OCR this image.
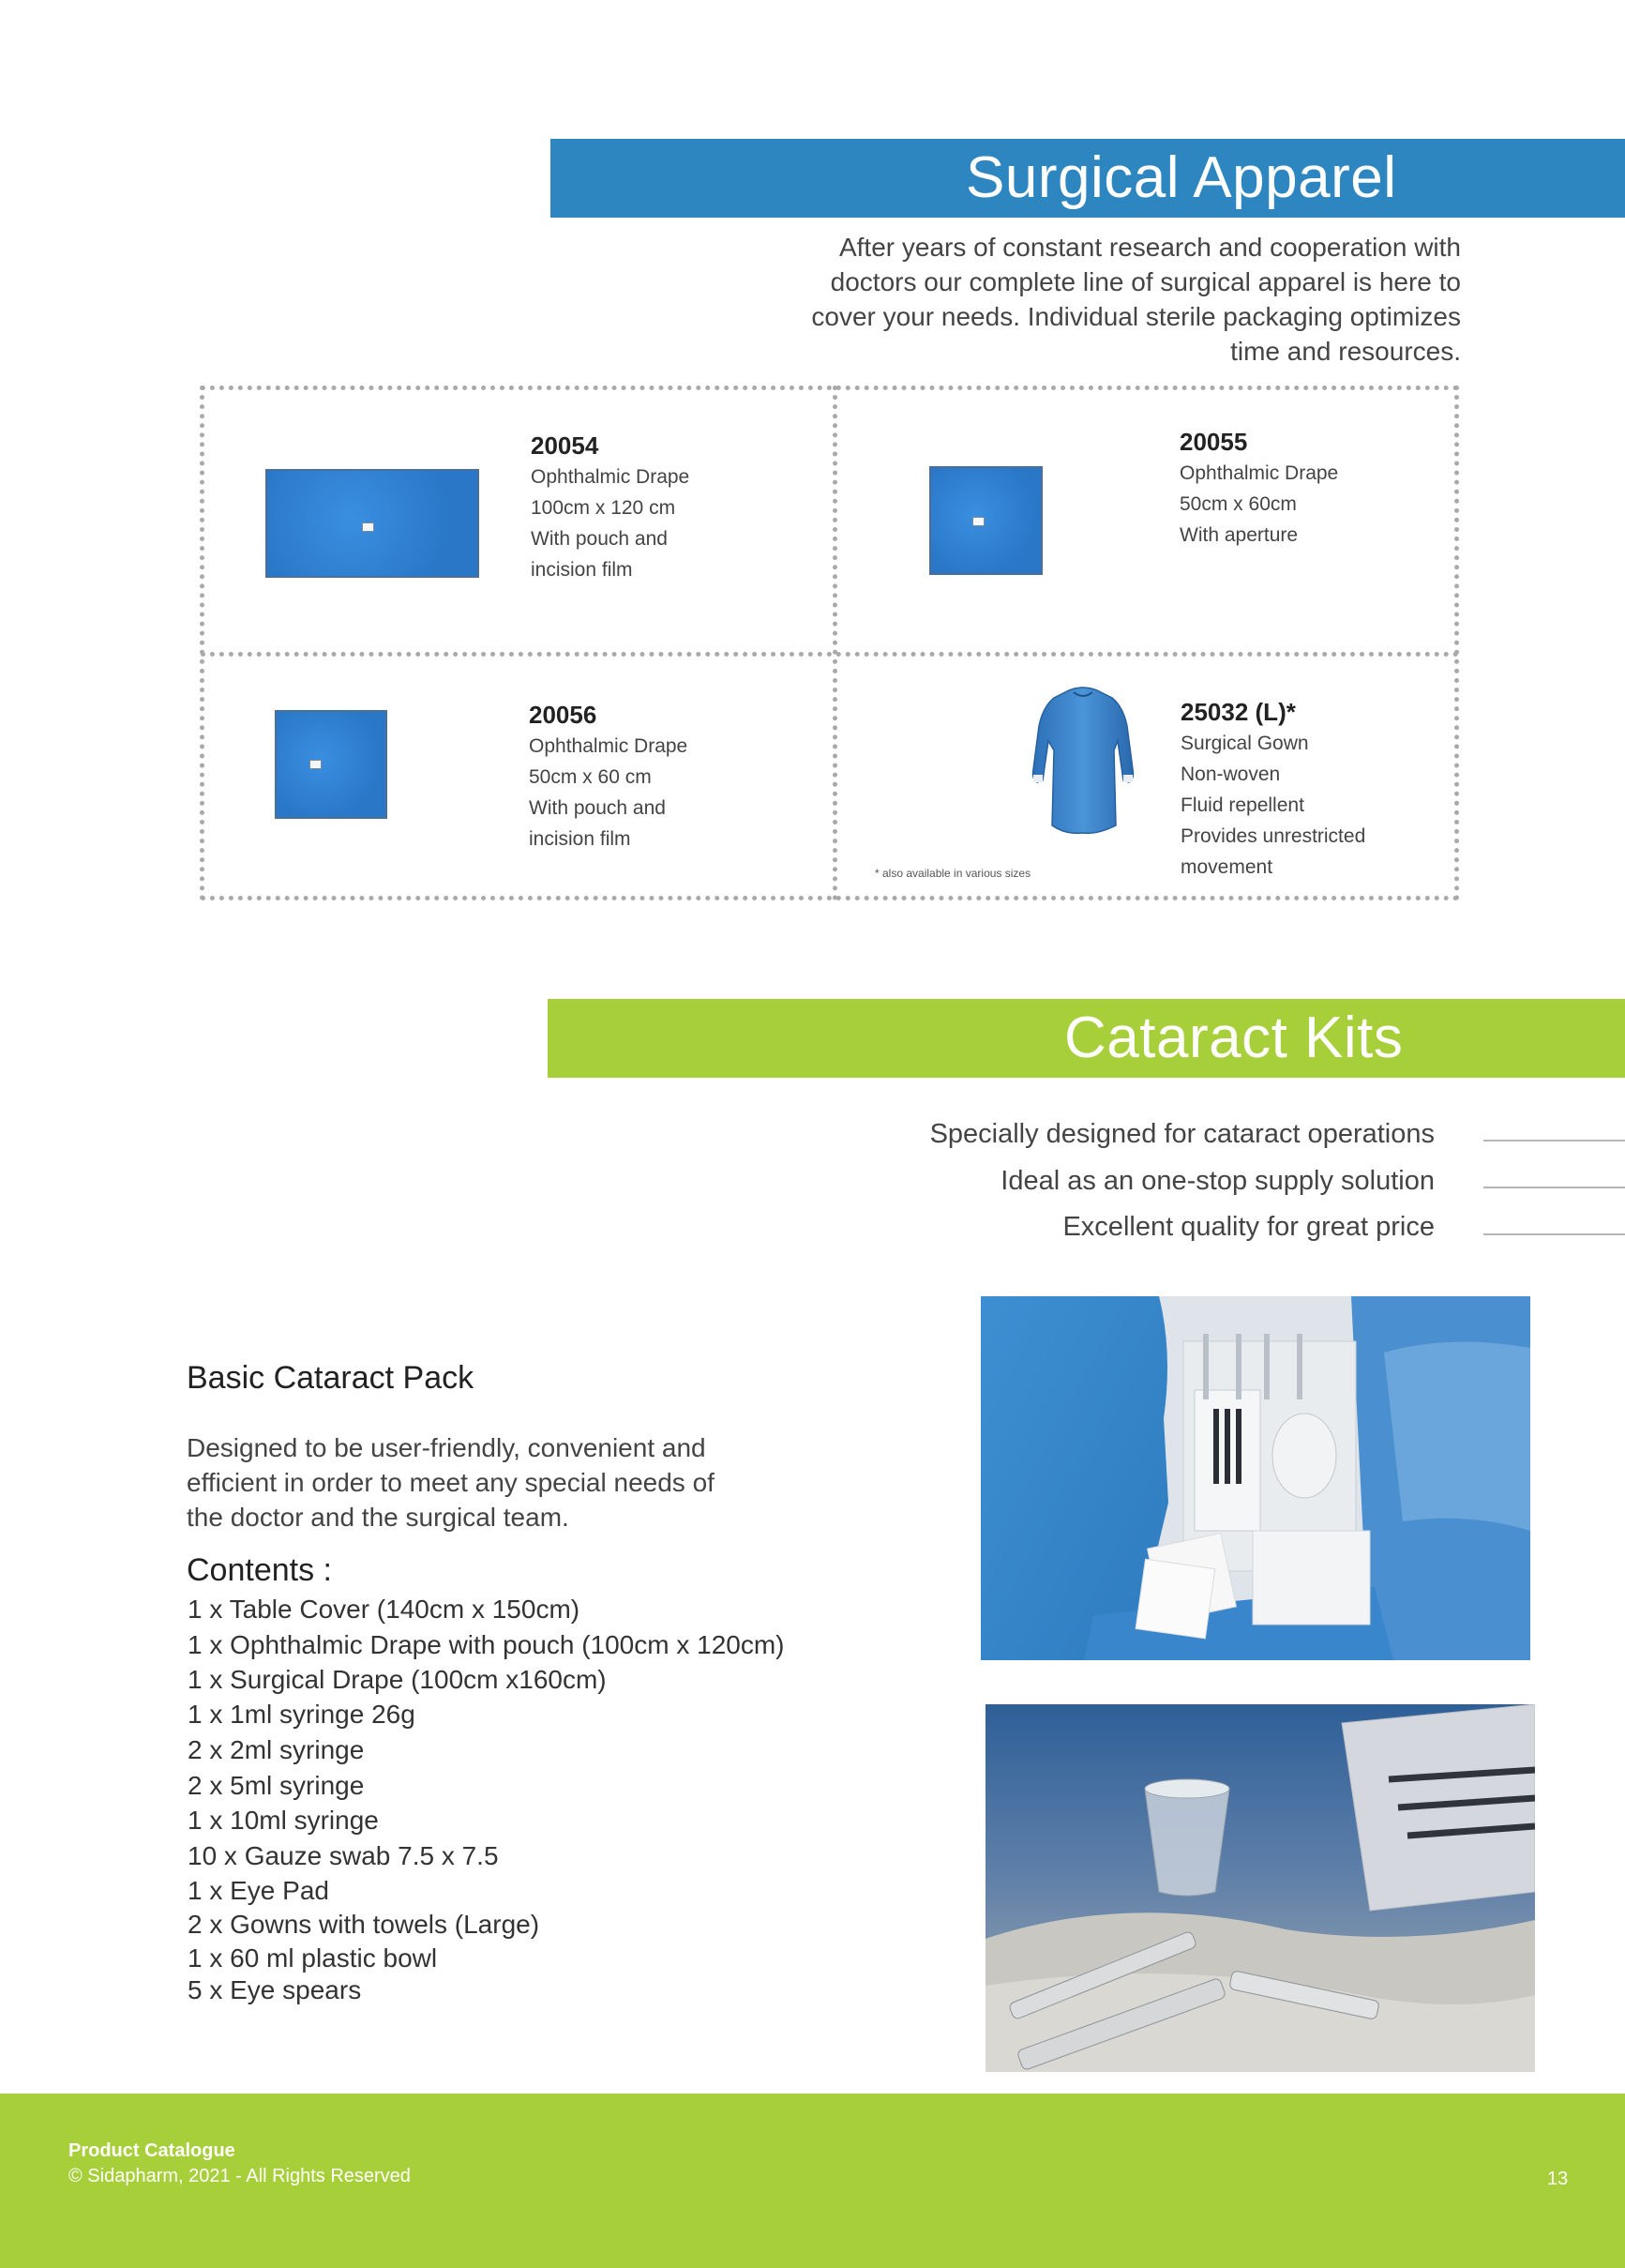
Surgical Apparel
After years of constant research and cooperation with
doctors our complete line of surgical apparel is here to
cover your needs. Individual sterile packaging optimizes
time and resources.
20054
Ophthalmic Drape
100cm x 120 cm
With pouch and
incision film
20055
Ophthalmic Drape
50cm x 60cm
With aperture
20056
Ophthalmic Drape
50cm x 60 cm
With pouch and
incision film
* also available in various sizes
25032 (L)*
Surgical Gown
Non-woven
Fluid repellent
Provides unrestricted
movement
Cataract Kits
Specially designed for cataract operations
Ideal as an one-stop supply solution
Excellent quality for great price
Basic Cataract Pack
Designed to be user-friendly, convenient and
efficient in order to meet any special needs of
the doctor and the surgical team.
Contents :
1 x Table Cover (140cm x 150cm)
1 x Ophthalmic Drape with pouch (100cm x 120cm)
1 x Surgical Drape (100cm x160cm)
1 x 1ml syringe 26g
2 x 2ml syringe
2 x 5ml syringe
1 x 10ml syringe
10 x Gauze swab 7.5 x 7.5
1 x Eye Pad
2 x Gowns with towels (Large)
1 x 60 ml plastic bowl
5 x Eye spears
Product Catalogue
© Sidapharm, 2021 - All Rights Reserved	13
